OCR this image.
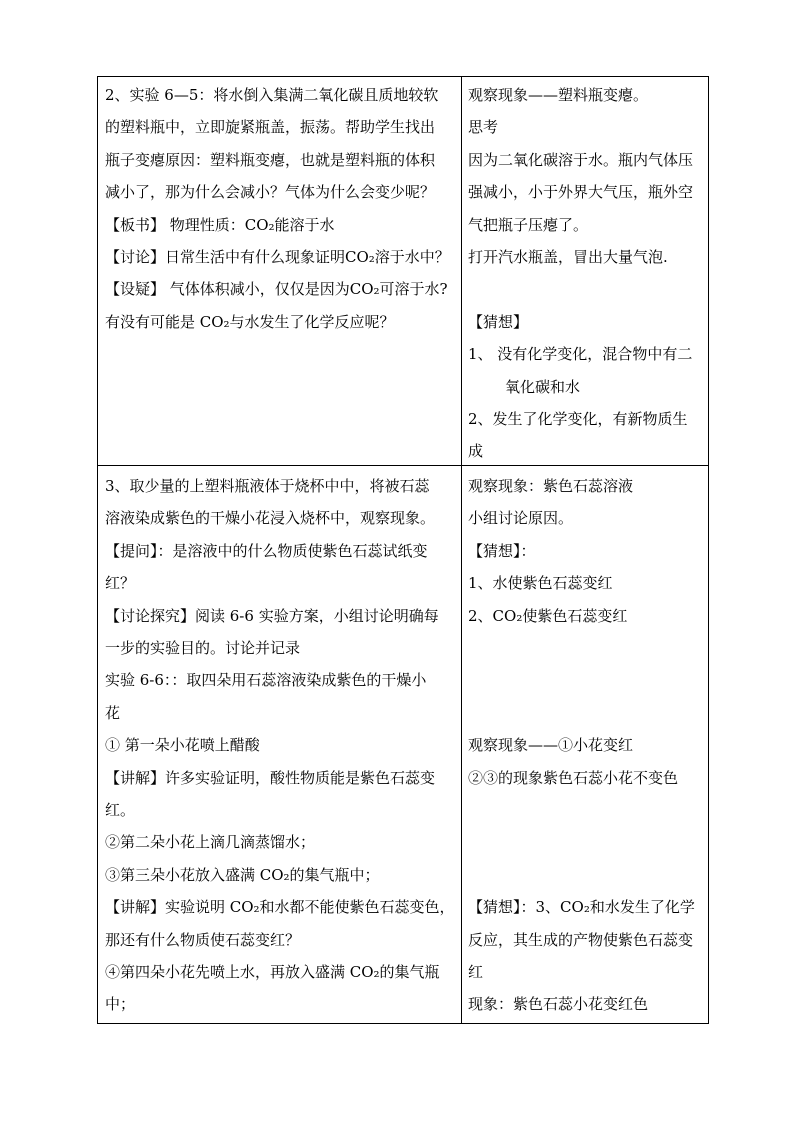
2、实验 6—5：将水倒入集满二氧化碳且质地较软
的塑料瓶中，立即旋紧瓶盖，振荡。帮助学生找出
瓶子变瘪原因：塑料瓶变瘪，也就是塑料瓶的体积
减小了，那为什么会减小？气体为什么会变少呢？
【板书】 物理性质：CO₂能溶于水
【讨论】日常生活中有什么现象证明CO₂溶于水中？
【设疑】 气体体积减小，仅仅是因为CO₂可溶于水?
有没有可能是 CO₂与水发生了化学反应呢？
观察现象——塑料瓶变瘪。
思考
因为二氧化碳溶于水。瓶内气体压
强减小，小于外界大气压，瓶外空
气把瓶子压瘪了。
打开汽水瓶盖，冒出大量气泡.
【猜想】
1、 没有化学变化，混合物中有二
氧化碳和水
2、发生了化学变化，有新物质生
成
3、取少量的上塑料瓶液体于烧杯中中，将被石蕊
溶液染成紫色的干燥小花浸入烧杯中，观察现象。
【提问】：是溶液中的什么物质使紫色石蕊试纸变
红？
【讨论探究】阅读 6-6 实验方案，小组讨论明确每
一步的实验目的。讨论并记录
实验 6-6：：取四朵用石蕊溶液染成紫色的干燥小
花
① 第一朵小花喷上醋酸
【讲解】许多实验证明，酸性物质能是紫色石蕊变
红。
②第二朵小花上滴几滴蒸馏水；
③第三朵小花放入盛满 CO₂的集气瓶中；
【讲解】实验说明 CO₂和水都不能使紫色石蕊变色，
那还有什么物质使石蕊变红？
④第四朵小花先喷上水，再放入盛满 CO₂的集气瓶
中；
观察现象：紫色石蕊溶液
小组讨论原因。
【猜想】：
1、水使紫色石蕊变红
2、CO₂使紫色石蕊变红
观察现象——①小花变红
②③的现象紫色石蕊小花不变色
【猜想】：3、CO₂和水发生了化学
反应，其生成的产物使紫色石蕊变
红
现象：紫色石蕊小花变红色
